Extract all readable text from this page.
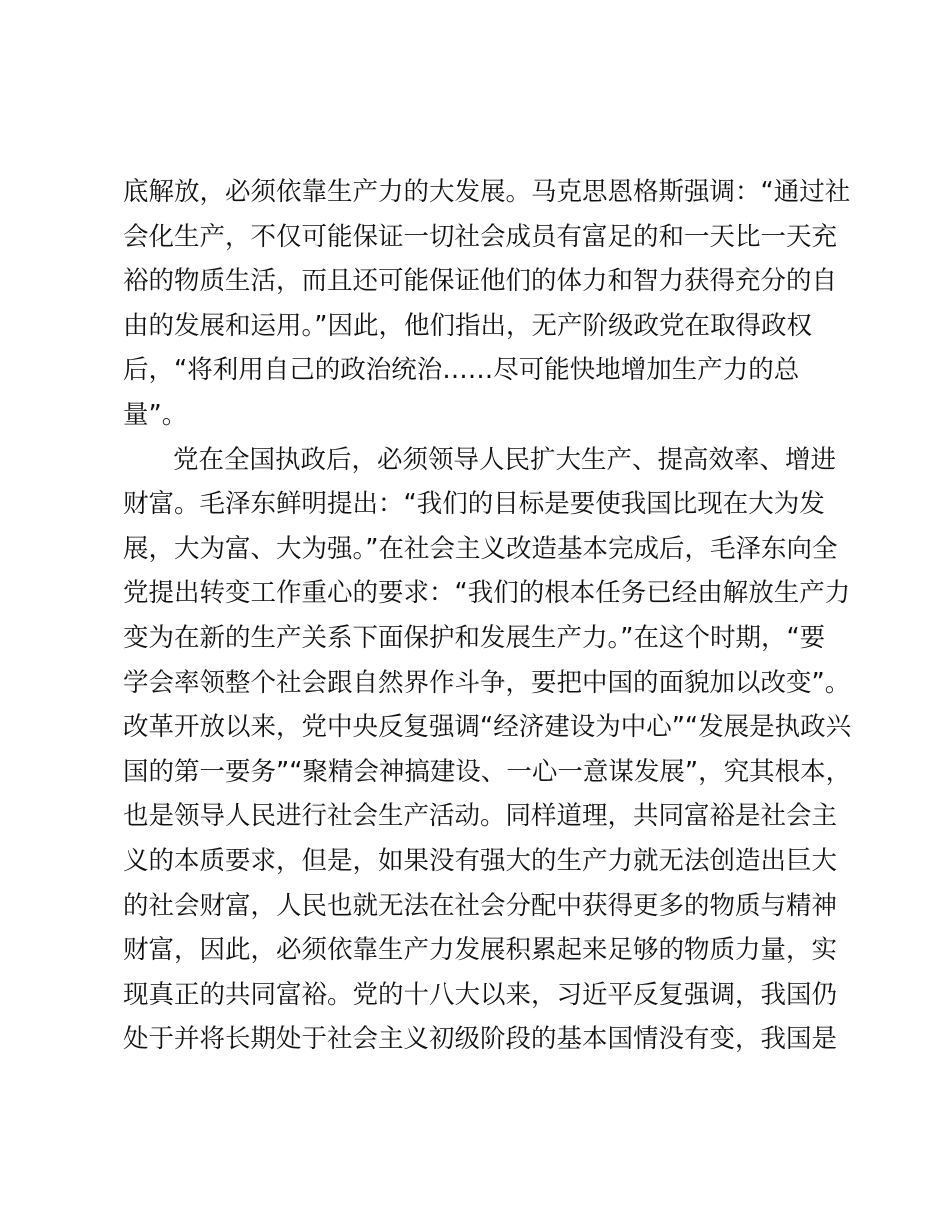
底解放，必须依靠生产力的大发展。马克思恩格斯强调：“通过社
会化生产，不仅可能保证一切社会成员有富足的和一天比一天充
裕的物质生活，而且还可能保证他们的体力和智力获得充分的自
由的发展和运用。”因此，他们指出，无产阶级政党在取得政权
后，“将利用自己的政治统治……尽可能快地增加生产力的总
量”。
党在全国执政后，必须领导人民扩大生产、提高效率、增进
财富。毛泽东鲜明提出：“我们的目标是要使我国比现在大为发
展，大为富、大为强。”在社会主义改造基本完成后，毛泽东向全
党提出转变工作重心的要求：“我们的根本任务已经由解放生产力
变为在新的生产关系下面保护和发展生产力。”在这个时期，“要
学会率领整个社会跟自然界作斗争，要把中国的面貌加以改变”。
改革开放以来，党中央反复强调“经济建设为中心”“发展是执政兴
国的第一要务”“聚精会神搞建设、一心一意谋发展”，究其根本，
也是领导人民进行社会生产活动。同样道理，共同富裕是社会主
义的本质要求，但是，如果没有强大的生产力就无法创造出巨大
的社会财富，人民也就无法在社会分配中获得更多的物质与精神
财富，因此，必须依靠生产力发展积累起来足够的物质力量，实
现真正的共同富裕。党的十八大以来，习近平反复强调，我国仍
处于并将长期处于社会主义初级阶段的基本国情没有变，我国是
